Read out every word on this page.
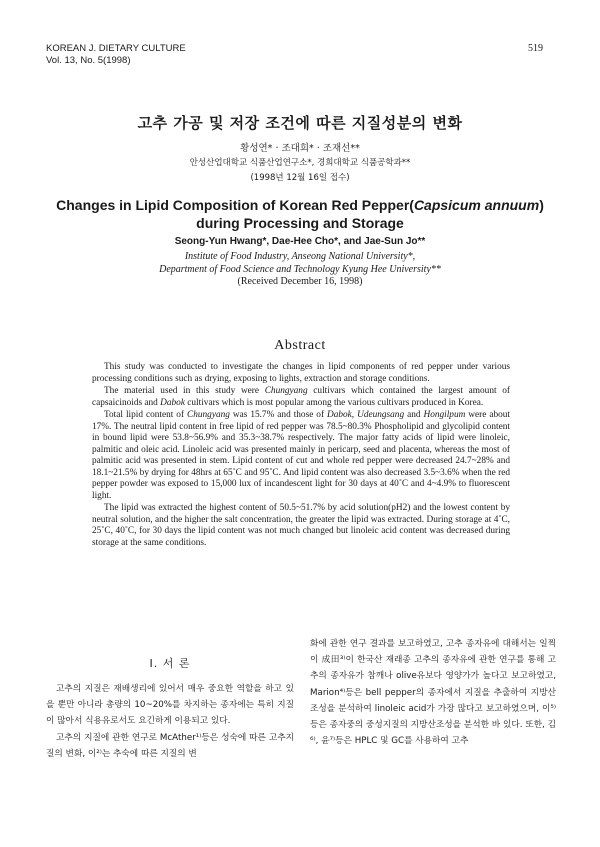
KOREAN J. DIETARY CULTURE
Vol. 13, No. 5(1998)
519
고추 가공 및 저장 조건에 따른 지질성분의 변화
황성연* · 조대희* · 조재선**
안성산업대학교 식품산업연구소*, 경희대학교 식품공학과**
(1998년 12월 16일 접수)
Changes in Lipid Composition of Korean Red Pepper(Capsicum annuum)
during Processing and Storage
Seong-Yun Hwang*, Dae-Hee Cho*, and Jae-Sun Jo**
Institute of Food Industry, Anseong National University*,
Department of Food Science and Technology Kyung Hee University**
(Received December 16, 1998)
Abstract

This study was conducted to investigate the changes in lipid components of red pepper under various processing conditions such as drying, exposing to lights, extraction and storage conditions.

The material used in this study were Chungyang cultivars which contained the largest amount of capsaicinoids and Dabok cultivars which is most popular among the various cultivars produced in Korea.

Total lipid content of Chungyang was 15.7% and those of Dabok, Udeungsang and Hongilpum were about 17%. The neutral lipid content in free lipid of red pepper was 78.5~80.3% Phospholipid and glycolipid content in bound lipid were 53.8~56.9% and 35.3~38.7% respectively. The major fatty acids of lipid were linoleic, palmitic and oleic acid. Linoleic acid was presented mainly in pericarp, seed and placenta, whereas the most of palmitic acid was presented in stem. Lipid content of cut and whole red pepper were decreased 24.7~28% and 18.1~21.5% by drying for 48hrs at 65˚C and 95˚C. And lipid content was also decreased 3.5~3.6% when the red pepper powder was exposed to 15,000 lux of incandescent light for 30 days at 40˚C and 4~4.9% to fluorescent light.

The lipid was extracted the highest content of 50.5~51.7% by acid solution(pH2) and the lowest content by neutral solution, and the higher the salt concentration, the greater the lipid was extracted. During storage at 4˚C, 25˚C, 40˚C, for 30 days the lipid content was not much changed but linoleic acid content was decreased during storage at the same conditions.

I. 서 론

고추의 지질은 재배생리에 있어서 매우 중요한 역할을 하고 있을 뿐만 아니라 총량의 10~20%를 차지하는 종자에는 특히 지질이 많아서 식용유로서도 요긴하게 이용되고 있다.

고추의 지질에 관한 연구로 McAther¹⁾등은 성숙에 따른 고추지질의 변화, 이²⁾는 추숙에 따른 지질의 변

화에 관한 연구 결과를 보고하였고, 고추 종자유에 대해서는 일찍이 成田³⁾이 한국산 재래종 고추의 종자유에 관한 연구를 통해 고추의 종자유가 참깨나 olive유보다 영양가가 높다고 보고하였고, Marion⁴⁾등은 bell pepper의 종자에서 지질을 추출하여 지방산조성을 분석하여 linoleic acid가 가장 많다고 보고하였으며, 이⁵⁾등은 종자중의 중성지질의 지방산조성을 분석한 바 있다. 또한, 김⁶⁾, 윤⁷⁾등은 HPLC 및 GC를 사용하여 고추
